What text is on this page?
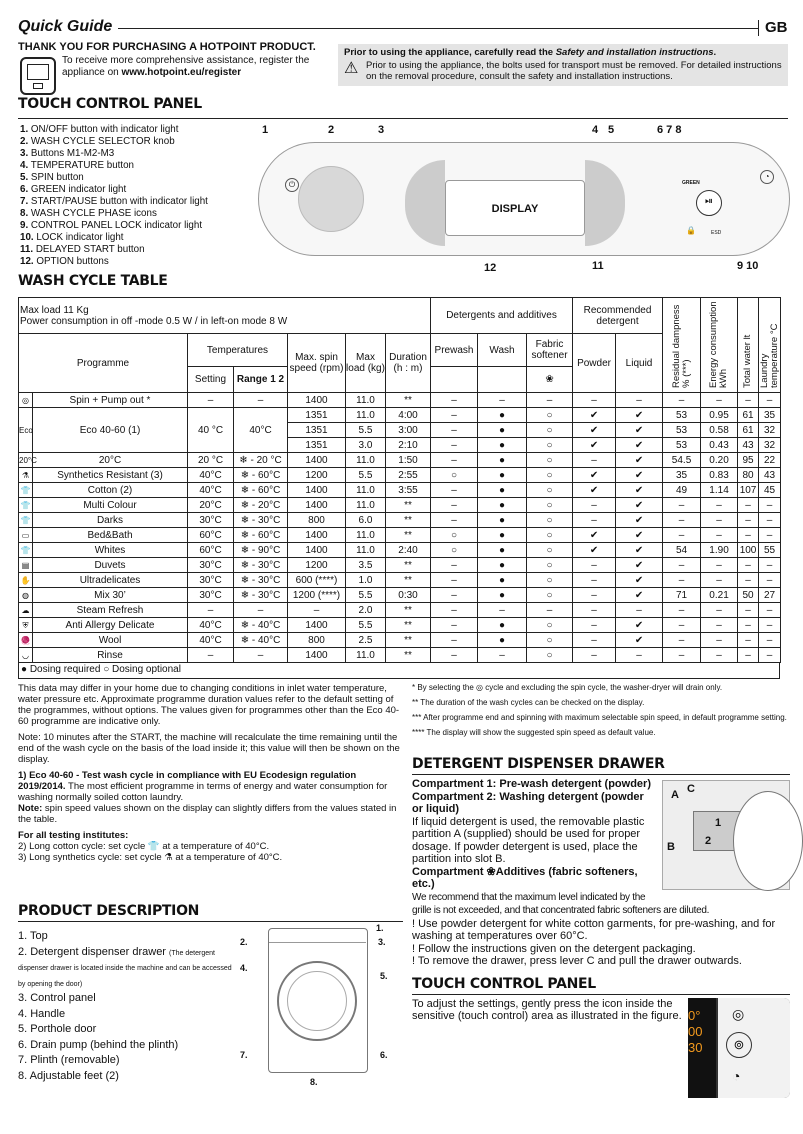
Quick Guide	GB
THANK YOU FOR PURCHASING A HOTPOINT PRODUCT.
To receive more comprehensive assistance, register the appliance on www.hotpoint.eu/register
Prior to using the appliance, carefully read the Safety and installation instructions.
⚠ Prior to using the appliance, the bolts used for transport must be removed. For detailed instructions on the removal procedure, consult the safety and installation instructions.
TOUCH CONTROL PANEL
1. ON/OFF button with indicator light
2. WASH CYCLE SELECTOR knob
3. Buttons M1-M2-M3
4. TEMPERATURE button
5. SPIN button
6. GREEN indicator light
7. START/PAUSE button with indicator light
8. WASH CYCLE PHASE icons
9. CONTROL PANEL LOCK indicator light
10. LOCK indicator light
11. DELAYED START button
12. OPTION buttons
⏻
DISPLAY
GREEN
⏯
🔒	ESD
◔
1	2	3	4 5	6 7 8
12	11	9 10
WASH CYCLE TABLE
Max load 11 Kg
Power consumption in off -mode 0.5 W / in left-on mode 8 W							Detergents and additives			Recommended detergent		Residual dampness % (***)	Energy consumption kWh	Total water lt	Laundry temperature °C
Programme		Temperatures		Max. spin speed (rpm)	Max load (kg)	Duration (h : m)	Prewash	Wash	Fabric softener	Powder	Liquid				
		Setting	Range 1 2						❀						
◎	Spin + Pump out *	–	–	1400	11.0	**	–	–	–	–	–	–	–	–	–
Eco	Eco 40-60 (1)	40 °C	40°C	1351	11.0	4:00	–	●	○	✔	✔	53	0.95	61	35
				1351	5.5	3:00	–	●	○	✔	✔	53	0.58	61	32
				1351	3.0	2:10	–	●	○	✔	✔	53	0.43	43	32
20°C	20°C	20 °C	❄ - 20 °C	1400	11.0	1:50	–	●	○	–	✔	54.5	0.20	95	22
⚗	Synthetics Resistant (3)	40°C	❄ - 60°C	1200	5.5	2:55	○	●	○	✔	✔	35	0.83	80	43
👕	Cotton (2)	40°C	❄ - 60°C	1400	11.0	3:55	–	●	○	✔	✔	49	1.14	107	45
👕	Multi Colour	20°C	❄ - 20°C	1400	11.0	**	–	●	○	–	✔	–	–	–	–
👕	Darks	30°C	❄ - 30°C	800	6.0	**	–	●	○	–	✔	–	–	–	–
▭	Bed&Bath	60°C	❄ - 60°C	1400	11.0	**	○	●	○	✔	✔	–	–	–	–
👕	Whites	60°C	❄ - 90°C	1400	11.0	2:40	○	●	○	✔	✔	54	1.90	100	55
▤	Duvets	30°C	❄ - 30°C	1200	3.5	**	–	●	○	–	✔	–	–	–	–
✋	Ultradelicates	30°C	❄ - 30°C	600 (****)	1.0	**	–	●	○	–	✔	–	–	–	–
◍	Mix 30’	30°C	❄ - 30°C	1200 (****)	5.5	0:30	–	●	○	–	✔	71	0.21	50	27
☁	Steam Refresh	–	–	–	2.0	**	–	–	–	–	–	–	–	–	–
⛨	Anti Allergy Delicate	40°C	❄ - 40°C	1400	5.5	**	–	●	○	–	✔	–	–	–	–
🧶	Wool	40°C	❄ - 40°C	800	2.5	**	–	●	○	–	✔	–	–	–	–
◡	Rinse	–	–	1400	11.0	**	–	–	○	–	–	–	–	–	–
● Dosing required ○ Dosing optional

This data may differ in your home due to changing conditions in inlet water temperature, water pressure etc. Approximate programme duration values refer to the default setting of the programmes, without options. The values given for programmes other than the Eco 40-60 programme are indicative only.

Note: 10 minutes after the START, the machine will recalculate the time remaining until the end of the wash cycle on the basis of the load inside it; this value will then be shown on the display.

1) Eco 40-60 - Test wash cycle in compliance with EU Ecodesign regulation 2019/2014. The most efficient programme in terms of energy and water consumption for washing normally soiled cotton laundry.

Note: spin speed values shown on the display can slightly differs from the values stated in the table.

For all testing institutes:
2) Long cotton cycle: set cycle 👕 at a temperature of 40°C.
3) Long synthetics cycle: set cycle ⚗ at a temperature of 40°C.
PRODUCT DESCRIPTION
1. Top
2. Detergent dispenser drawer (The detergent dispenser drawer is located inside the machine and can be accessed by opening the door)
3. Control panel
4. Handle
5. Porthole door
6. Drain pump (behind the plinth)
7. Plinth (removable)
8. Adjustable feet (2)
1.
2.	3.
4.
5.
6.
7.
8.

* By selecting the ◎ cycle and excluding the spin cycle, the washer-dryer will drain only.

** The duration of the wash cycles can be checked on the display.

*** After programme end and spinning with maximum selectable spin speed, in default programme setting.

**** The display will show the suggested spin speed as default value.

DETERGENT DISPENSER DRAWER
A C
1
2
B
Compartment 1: Pre-wash detergent (powder)
Compartment 2: Washing detergent (powder or liquid)
If liquid detergent is used, the removable plastic partition A (supplied) should be used for proper dosage. If powder detergent is used, place the partition into slot B.
Compartment ❀Additives (fabric softeners, etc.)
We recommend that the maximum level indicated by the grille is not exceeded, and that concentrated fabric softeners are diluted.
! Use powder detergent for white cotton garments, for pre-washing, and for washing at temperatures over 60°C.
! Follow the instructions given on the detergent packaging.
! To remove the drawer, press lever C and pull the drawer outwards.
TOUCH CONTROL PANEL
To adjust the settings, gently press the icon inside the sensitive (touch control) area as illustrated in the figure. 0°
00
30
◎
⊚
◔
